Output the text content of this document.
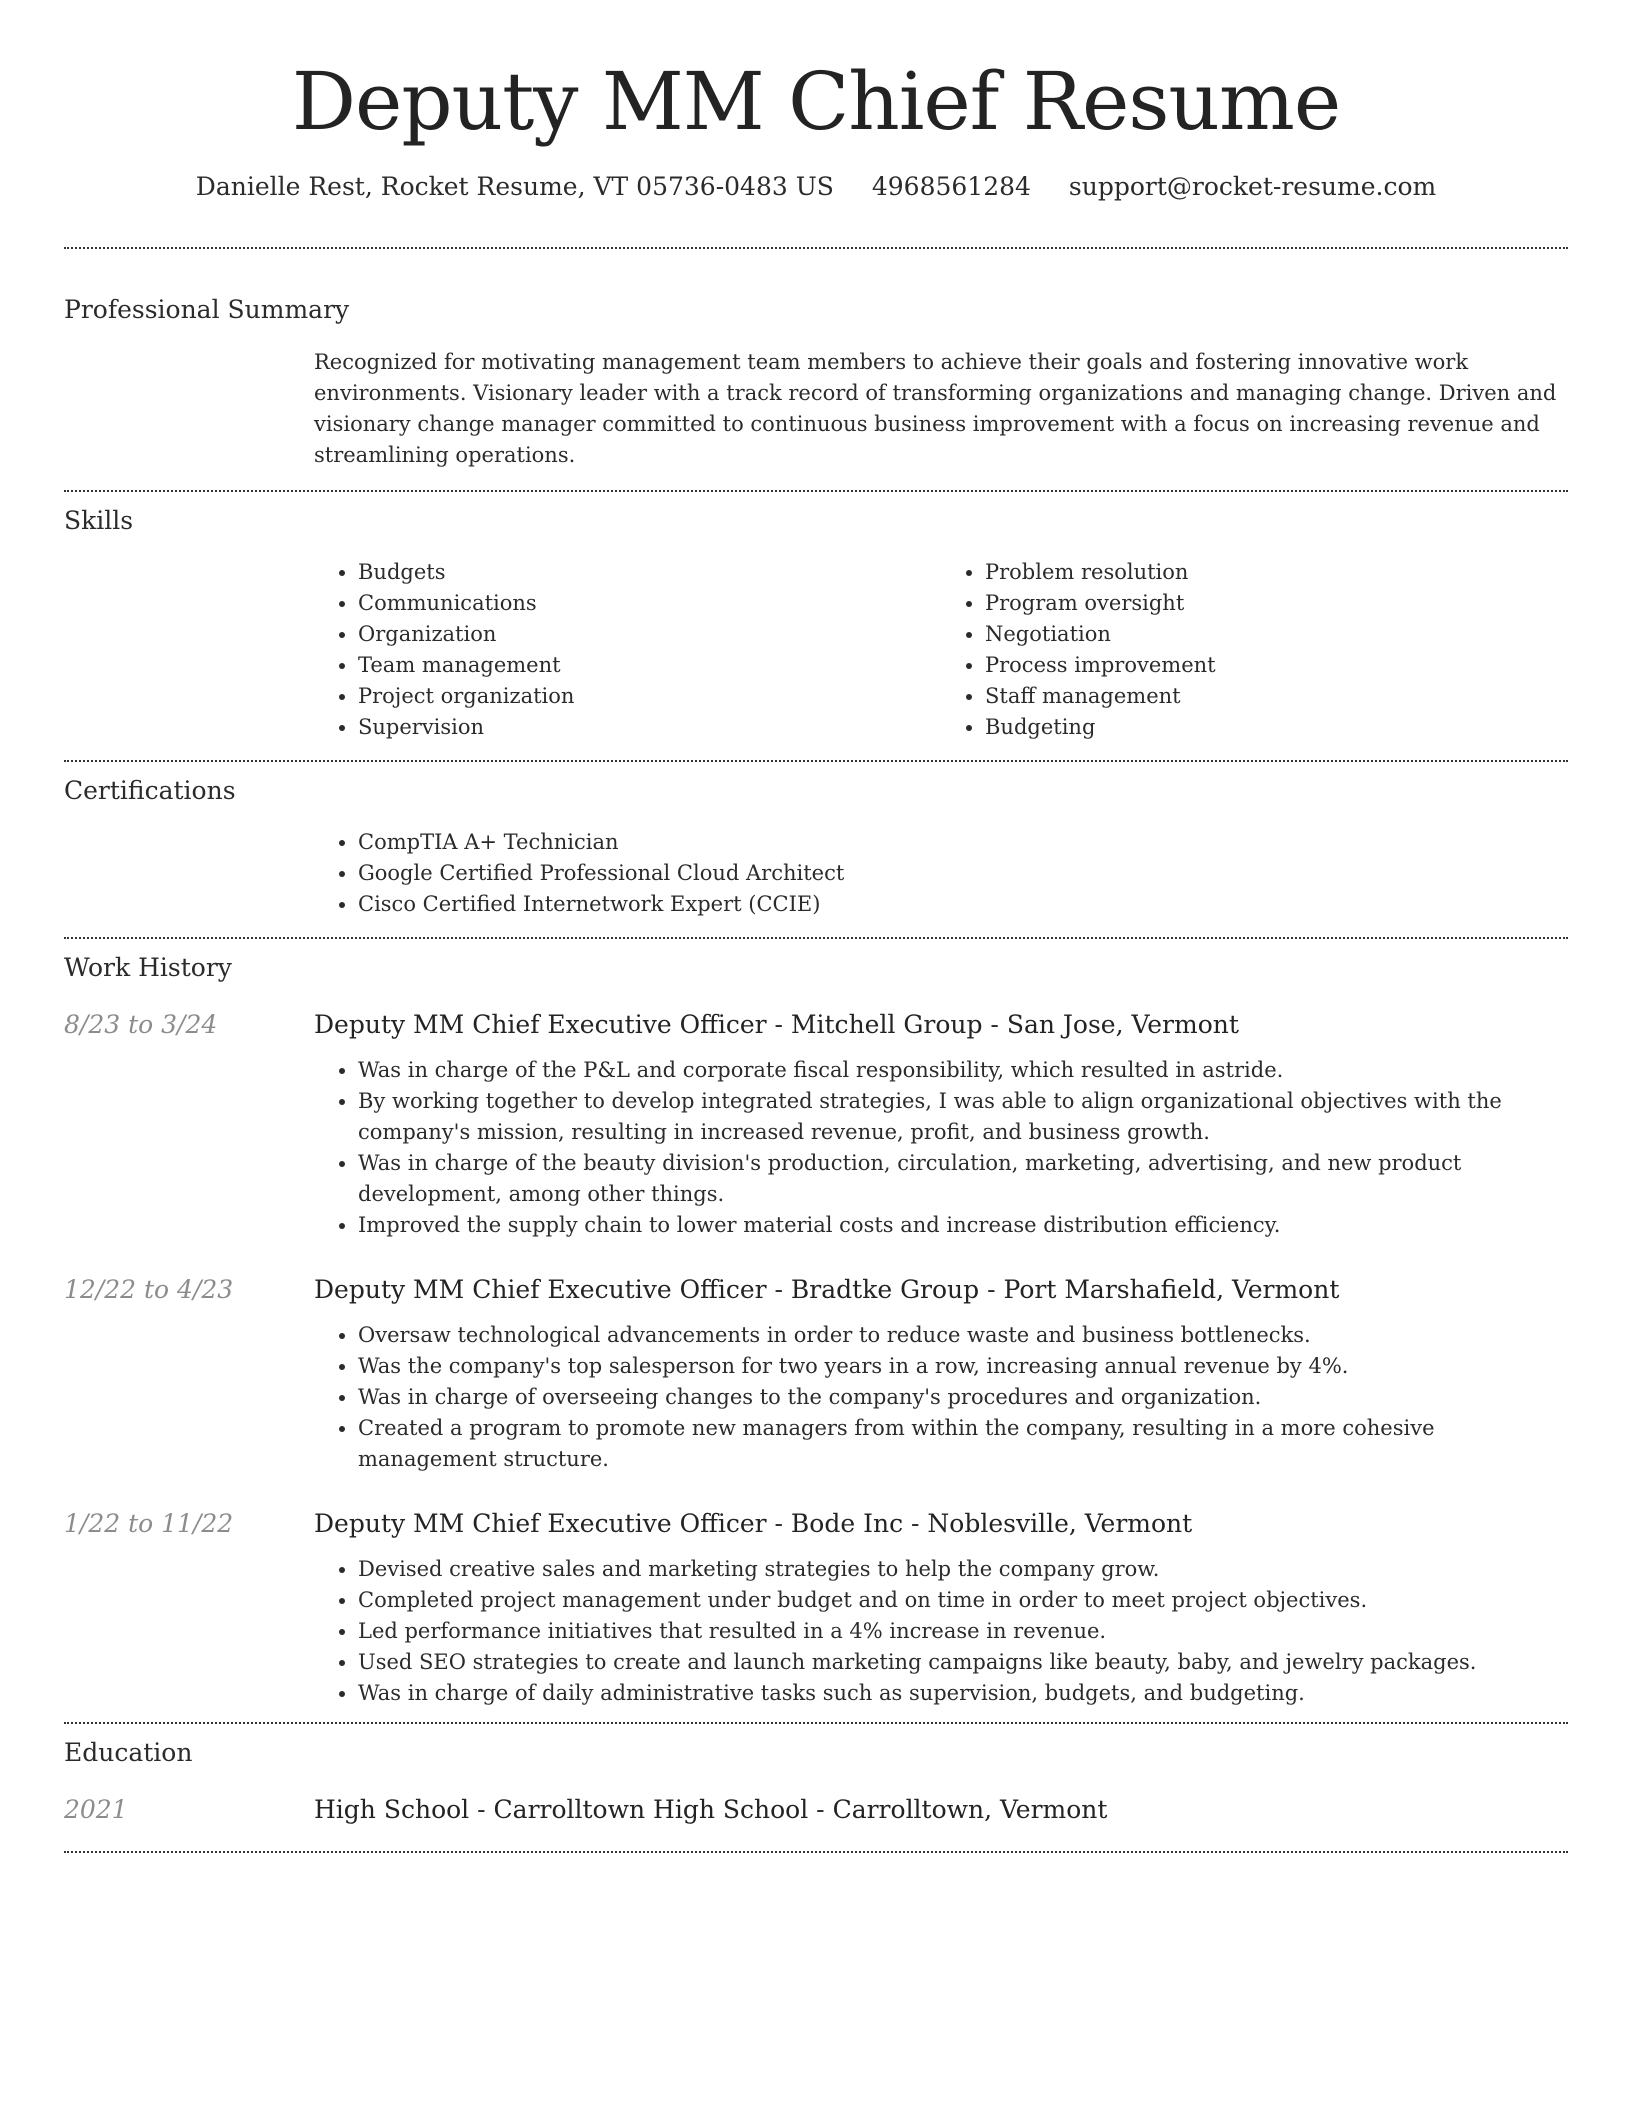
Deputy MM Chief Resume
Danielle Rest, Rocket Resume, VT 05736-0483 US 4968561284 support@rocket-resume.com
Professional Summary

Recognized for motivating management team members to achieve their goals and fostering innovative work environments. Visionary leader with a track record of transforming organizations and managing change. Driven and visionary change manager committed to continuous business improvement with a focus on increasing revenue and streamlining operations.

Skills
• Budgets
• Communications
• Organization
• Team management
• Project organization
• Supervision
• Problem resolution
• Program oversight
• Negotiation
• Process improvement
• Staff management
• Budgeting
Certifications
• CompTIA A+ Technician
• Google Certified Professional Cloud Architect
• Cisco Certified Internetwork Expert (CCIE)
Work History
8/23 to 3/24	Deputy MM Chief Executive Officer - Mitchell Group - San Jose, Vermont
• Was in charge of the P&L and corporate fiscal responsibility, which resulted in astride.
• By working together to develop integrated strategies, I was able to align organizational objectives with the company's mission, resulting in increased revenue, profit, and business growth.
• Was in charge of the beauty division's production, circulation, marketing, advertising, and new product development, among other things.
• Improved the supply chain to lower material costs and increase distribution efficiency.
12/22 to 4/23	Deputy MM Chief Executive Officer - Bradtke Group - Port Marshafield, Vermont
• Oversaw technological advancements in order to reduce waste and business bottlenecks.
• Was the company's top salesperson for two years in a row, increasing annual revenue by 4%.
• Was in charge of overseeing changes to the company's procedures and organization.
• Created a program to promote new managers from within the company, resulting in a more cohesive management structure.
1/22 to 11/22	Deputy MM Chief Executive Officer - Bode Inc - Noblesville, Vermont
• Devised creative sales and marketing strategies to help the company grow.
• Completed project management under budget and on time in order to meet project objectives.
• Led performance initiatives that resulted in a 4% increase in revenue.
• Used SEO strategies to create and launch marketing campaigns like beauty, baby, and jewelry packages.
• Was in charge of daily administrative tasks such as supervision, budgets, and budgeting.
Education
2021	High School - Carrolltown High School - Carrolltown, Vermont
